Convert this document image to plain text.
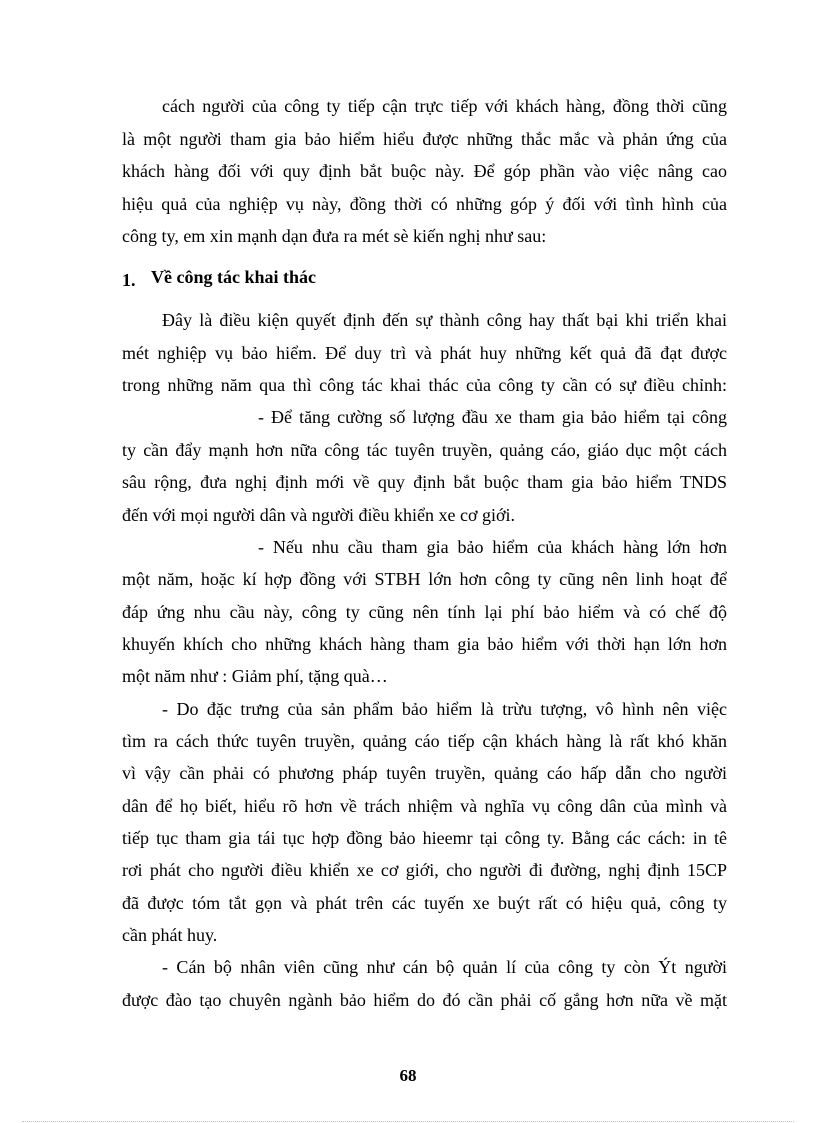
cách người của công ty tiếp cận trực tiếp với khách hàng, đồng thời cũng
là một người tham gia bảo hiểm hiểu được những thắc mắc và phản ứng của
khách hàng đối với quy định bắt buộc này. Để góp phần vào việc nâng cao
hiệu quả của nghiệp vụ này, đồng thời có những góp ý đối với tình hình của
công ty, em xin mạnh dạn đưa ra mét sè kiến nghị như sau:
1. Về công tác khai thác
Đây là điều kiện quyết định đến sự thành công hay thất bại khi triển khai
mét nghiệp vụ bảo hiểm. Để duy trì và phát huy những kết quả đã đạt được
trong những năm qua thì công tác khai thác của công ty cần có sự điều chỉnh:
- Để tăng cường số lượng đầu xe tham gia bảo hiểm tại công
ty cần đẩy mạnh hơn nữa công tác tuyên truyền, quảng cáo, giáo dục một cách
sâu rộng, đưa nghị định mới về quy định bắt buộc tham gia bảo hiểm TNDS
đến với mọi người dân và người điều khiển xe cơ giới.
- Nếu nhu cầu tham gia bảo hiểm của khách hàng lớn hơn
một năm, hoặc kí hợp đồng với STBH lớn hơn công ty cũng nên linh hoạt để
đáp ứng nhu cầu này, công ty cũng nên tính lại phí bảo hiểm và có chế độ
khuyến khích cho những khách hàng tham gia bảo hiểm với thời hạn lớn hơn
một năm như : Giảm phí, tặng quà…
- Do đặc trưng của sản phẩm bảo hiểm là trừu tượng, vô hình nên việc
tìm ra cách thức tuyên truyền, quảng cáo tiếp cận khách hàng là rất khó khăn
vì vậy cần phải có phương pháp tuyên truyền, quảng cáo hấp dẫn cho người
dân để họ biết, hiểu rõ hơn về trách nhiệm và nghĩa vụ công dân của mình và
tiếp tục tham gia tái tục hợp đồng bảo hieemr tại công ty. Bằng các cách: in tê
rơi phát cho người điều khiển xe cơ giới, cho người đi đường, nghị định 15CP
đã được tóm tắt gọn và phát trên các tuyến xe buýt rất có hiệu quả, công ty
cần phát huy.
- Cán bộ nhân viên cũng như cán bộ quản lí của công ty còn Ýt người
được đào tạo chuyên ngành bảo hiểm do đó cần phải cố gắng hơn nữa về mặt
68
